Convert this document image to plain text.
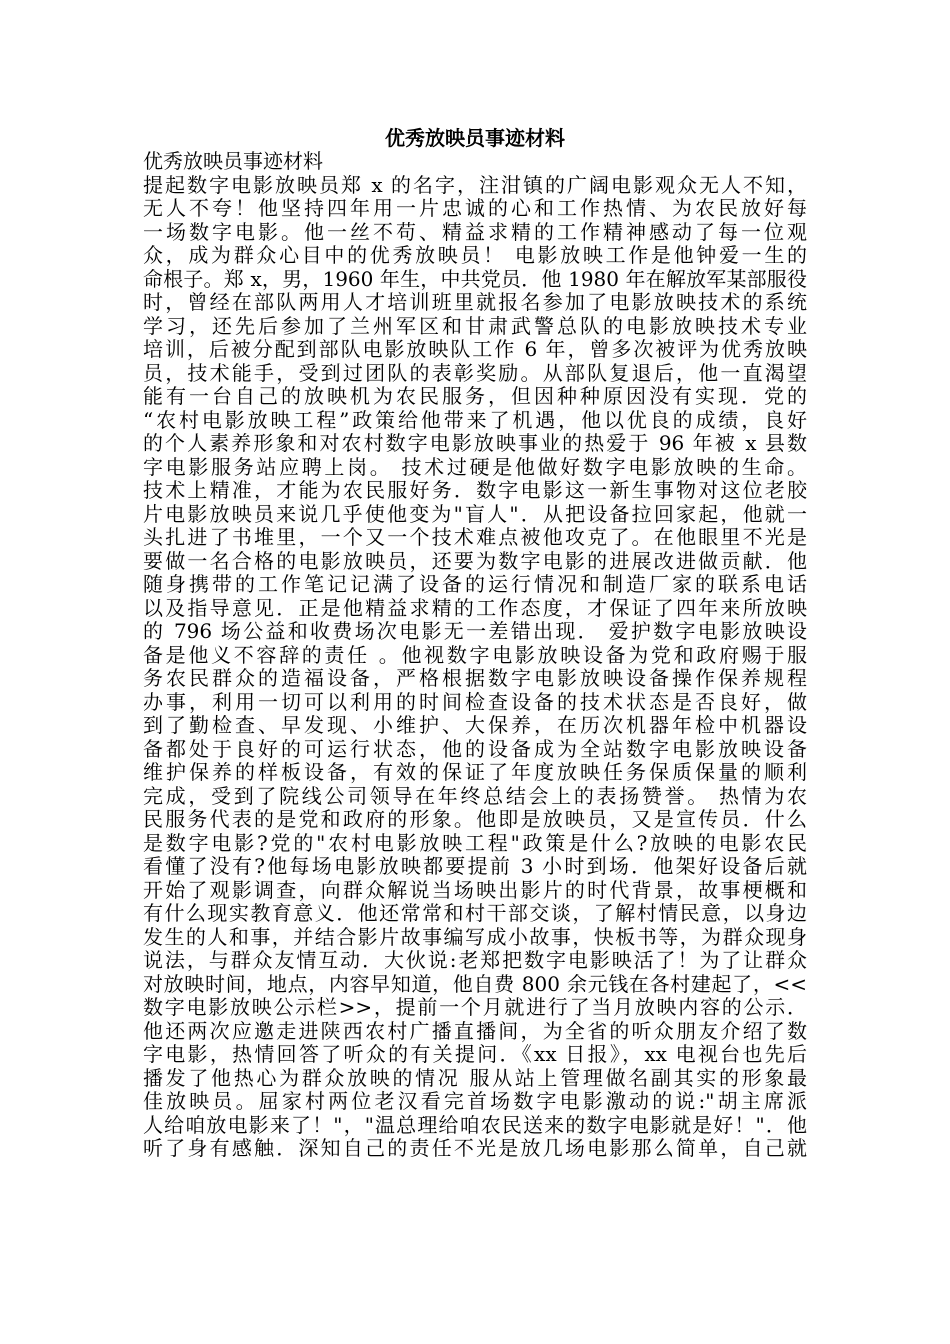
优秀放映员事迹材料
优秀放映员事迹材料
提起数字电影放映员郑 x 的名字，注泔镇的广阔电影观众无人不知，
无人不夸！他坚持四年用一片忠诚的心和工作热情、为农民放好每
一场数字电影。他一丝不苟、精益求精的工作精神感动了每一位观
众，成为群众心目中的优秀放映员！ 电影放映工作是他钟爱一生的
命根子。郑 x，男，1960 年生，中共党员．他 1980 年在解放军某部服役
时，曾经在部队两用人才培训班里就报名参加了电影放映技术的系统
学习，还先后参加了兰州军区和甘肃武警总队的电影放映技术专业
培训，后被分配到部队电影放映队工作 6 年，曾多次被评为优秀放映
员，技术能手，受到过团队的表彰奖励。从部队复退后，他一直渴望
能有一台自己的放映机为农民服务，但因种种原因没有实现．党的
“农村电影放映工程”政策给他带来了机遇，他以优良的成绩，良好
的个人素养形象和对农村数字电影放映事业的热爱于 96 年被 x 县数
字电影服务站应聘上岗。 技术过硬是他做好数字电影放映的生命。
技术上精准，才能为农民服好务．数字电影这一新生事物对这位老胶
片电影放映员来说几乎使他变为"盲人"．从把设备拉回家起，他就一
头扎进了书堆里，一个又一个技术难点被他攻克了。在他眼里不光是
要做一名合格的电影放映员，还要为数字电影的进展改进做贡献．他
随身携带的工作笔记记满了设备的运行情况和制造厂家的联系电话
以及指导意见．正是他精益求精的工作态度，才保证了四年来所放映
的 796 场公益和收费场次电影无一差错出现． 爱护数字电影放映设
备是他义不容辞的责任 。他视数字电影放映设备为党和政府赐于服
务农民群众的造福设备，严格根据数字电影放映设备操作保养规程
办事，利用一切可以利用的时间检查设备的技术状态是否良好，做
到了勤检查、早发现、小维护、大保养，在历次机器年检中机器设
备都处于良好的可运行状态，他的设备成为全站数字电影放映设备
维护保养的样板设备，有效的保证了年度放映任务保质保量的顺利
完成，受到了院线公司领导在年终总结会上的表扬赞誉。 热情为农
民服务代表的是党和政府的形象。他即是放映员，又是宣传员．什么
是数字电影?党的"农村电影放映工程"政策是什么?放映的电影农民
看懂了没有?他每场电影放映都要提前 3 小时到场．他架好设备后就
开始了观影调查，向群众解说当场映出影片的时代背景，故事梗概和
有什么现实教育意义．他还常常和村干部交谈，了解村情民意，以身边
发生的人和事，并结合影片故事编写成小故事，快板书等，为群众现身
说法，与群众友情互动．大伙说:老郑把数字电影映活了！为了让群众
对放映时间，地点，内容早知道，他自费 800 余元钱在各村建起了，<<
数字电影放映公示栏>>，提前一个月就进行了当月放映内容的公示．
他还两次应邀走进陕西农村广播直播间，为全省的听众朋友介绍了数
字电影，热情回答了听众的有关提问．《xx 日报》，xx 电视台也先后
播发了他热心为群众放映的情况 服从站上管理做名副其实的形象最
佳放映员。屈家村两位老汉看完首场数字电影激动的说:"胡主席派
人给咱放电影来了！"，"温总理给咱农民送来的数字电影就是好！"．他
听了身有感触．深知自己的责任不光是放几场电影那么简单，自己就
